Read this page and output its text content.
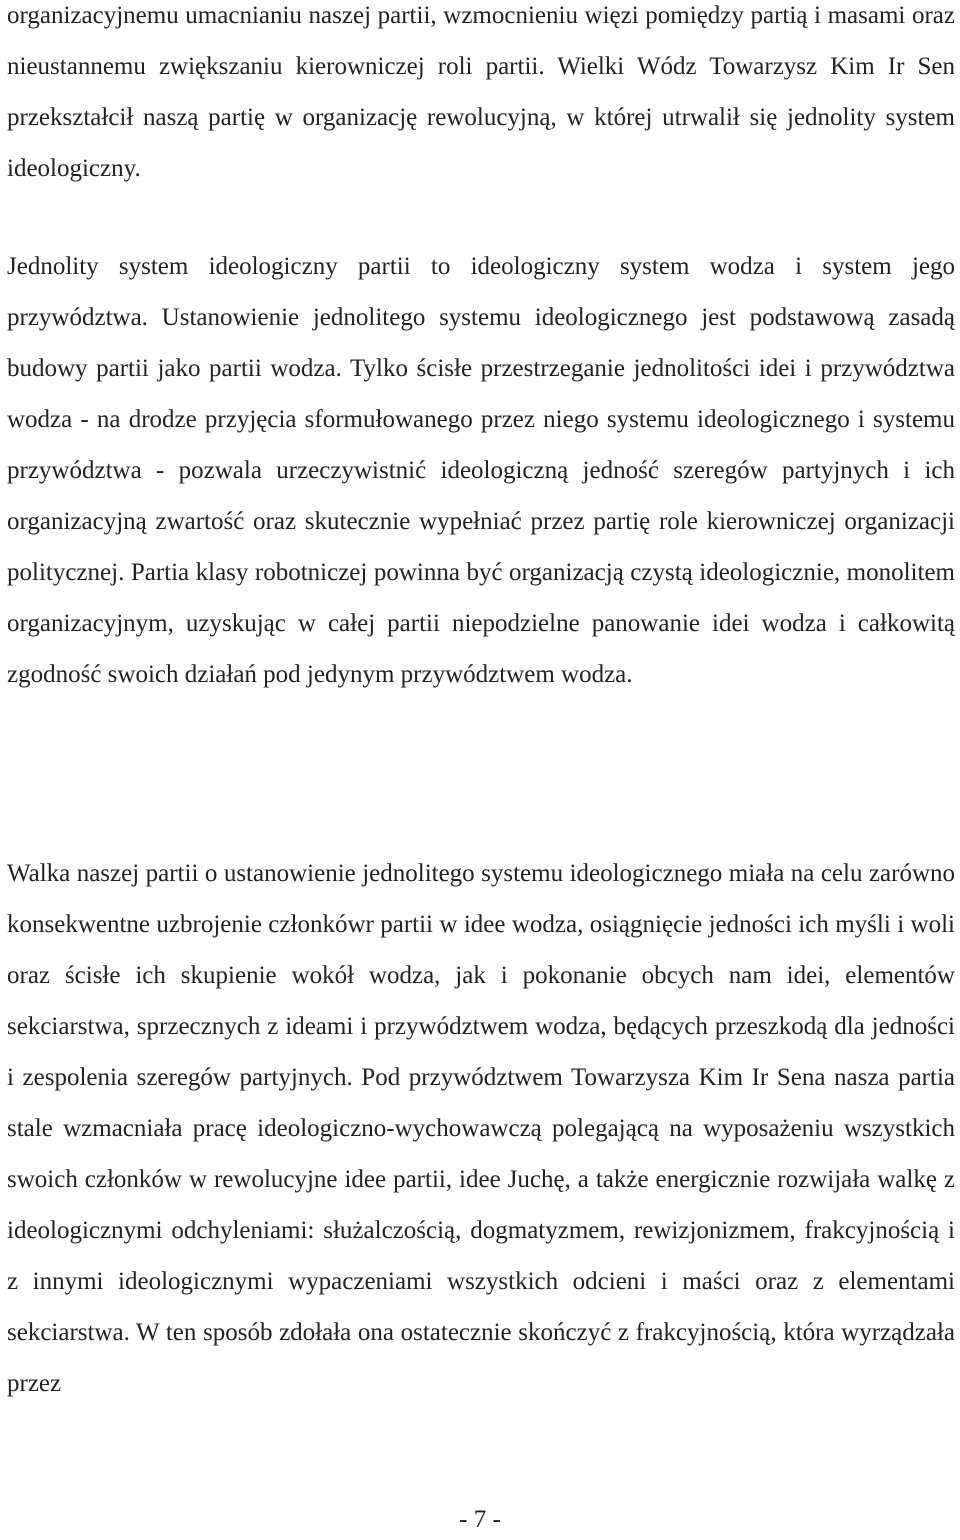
organizacyjnemu umacnianiu naszej partii, wzmocnieniu więzi pomiędzy partią i masami oraz nieustannemu zwiększaniu kierowniczej roli partii. Wielki Wódz Towarzysz Kim Ir Sen przekształcił naszą partię w organizację rewolucyjną, w której utrwalił się jednolity system ideologiczny.

Jednolity system ideologiczny partii to ideologiczny system wodza i system jego przywództwa. Ustanowienie jednolitego systemu ideologicznego jest podstawową zasadą budowy partii jako partii wodza. Tylko ścisłe przestrzeganie jednolitości idei i przywództwa wodza - na drodze przyjęcia sformułowanego przez niego systemu ideologicznego i systemu przywództwa - pozwala urzeczywistnić ideologiczną jedność szeregów partyjnych i ich organizacyjną zwartość oraz skutecznie wypełniać przez partię role kierowniczej organizacji politycznej. Partia klasy robotniczej powinna być organizacją czystą ideologicznie, monolitem organizacyjnym, uzyskując w całej partii niepodzielne panowanie idei wodza i całkowitą zgodność swoich działań pod jedynym przywództwem wodza.

Walka naszej partii o ustanowienie jednolitego systemu ideologicznego miała na celu zarówno konsekwentne uzbrojenie członkówr partii w idee wodza, osiągnięcie jedności ich myśli i woli oraz ścisłe ich skupienie wokół wodza, jak i pokonanie obcych nam idei, elementów sekciarstwa, sprzecznych z ideami i przywództwem wodza, będących przeszkodą dla jedności i zespolenia szeregów partyjnych. Pod przywództwem Towarzysza Kim Ir Sena nasza partia stale wzmacniała pracę ideologiczno-wychowawczą polegającą na wyposażeniu wszystkich swoich członków w rewolucyjne idee partii, idee Juchę, a także energicznie rozwijała walkę z ideologicznymi odchyleniami: służalczością, dogmatyzmem, rewizjonizmem, frakcyjnością i z innymi ideologicznymi wypaczeniami wszystkich odcieni i maści oraz z elementami sekciarstwa. W ten sposób zdołała ona ostatecznie skończyć z frakcyjnością, która wyrządzała przez

- 7 -
